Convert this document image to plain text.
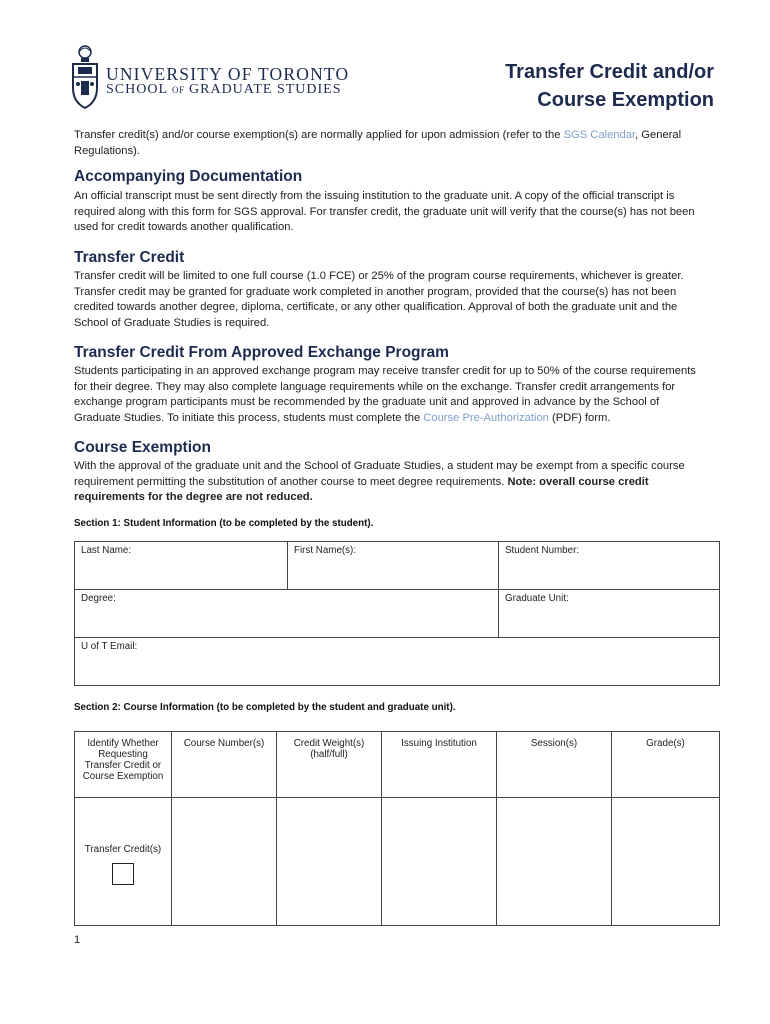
UNIVERSITY OF TORONTO
SCHOOL OF GRADUATE STUDIES
Transfer Credit and/or
Course Exemption
Transfer credit(s) and/or course exemption(s) are normally applied for upon admission (refer to the SGS Calendar, General Regulations).
Accompanying Documentation
An official transcript must be sent directly from the issuing institution to the graduate unit. A copy of the official transcript is required along with this form for SGS approval. For transfer credit, the graduate unit will verify that the course(s) has not been used for credit towards another qualification.
Transfer Credit
Transfer credit will be limited to one full course (1.0 FCE) or 25% of the program course requirements, whichever is greater. Transfer credit may be granted for graduate work completed in another program, provided that the course(s) has not been credited towards another degree, diploma, certificate, or any other qualification. Approval of both the graduate unit and the School of Graduate Studies is required.
Transfer Credit From Approved Exchange Program
Students participating in an approved exchange program may receive transfer credit for up to 50% of the course requirements for their degree. They may also complete language requirements while on the exchange. Transfer credit arrangements for exchange program participants must be recommended by the graduate unit and approved in advance by the School of Graduate Studies. To initiate this process, students must complete the Course Pre-Authorization (PDF) form.
Course Exemption
With the approval of the graduate unit and the School of Graduate Studies, a student may be exempt from a specific course requirement permitting the substitution of another course to meet degree requirements. Note: overall course credit requirements for the degree are not reduced.
Section 1: Student Information (to be completed by the student).
Last Name:	First Name(s):	Student Number:
Degree:		Graduate Unit:
U of T Email:		
Section 2: Course Information (to be completed by the student and graduate unit).
Identify Whether Requesting Transfer Credit or Course Exemption	Course Number(s)	Credit Weight(s) (half/full)	Issuing Institution	Session(s)	Grade(s)

Transfer Credit(s)					

1
